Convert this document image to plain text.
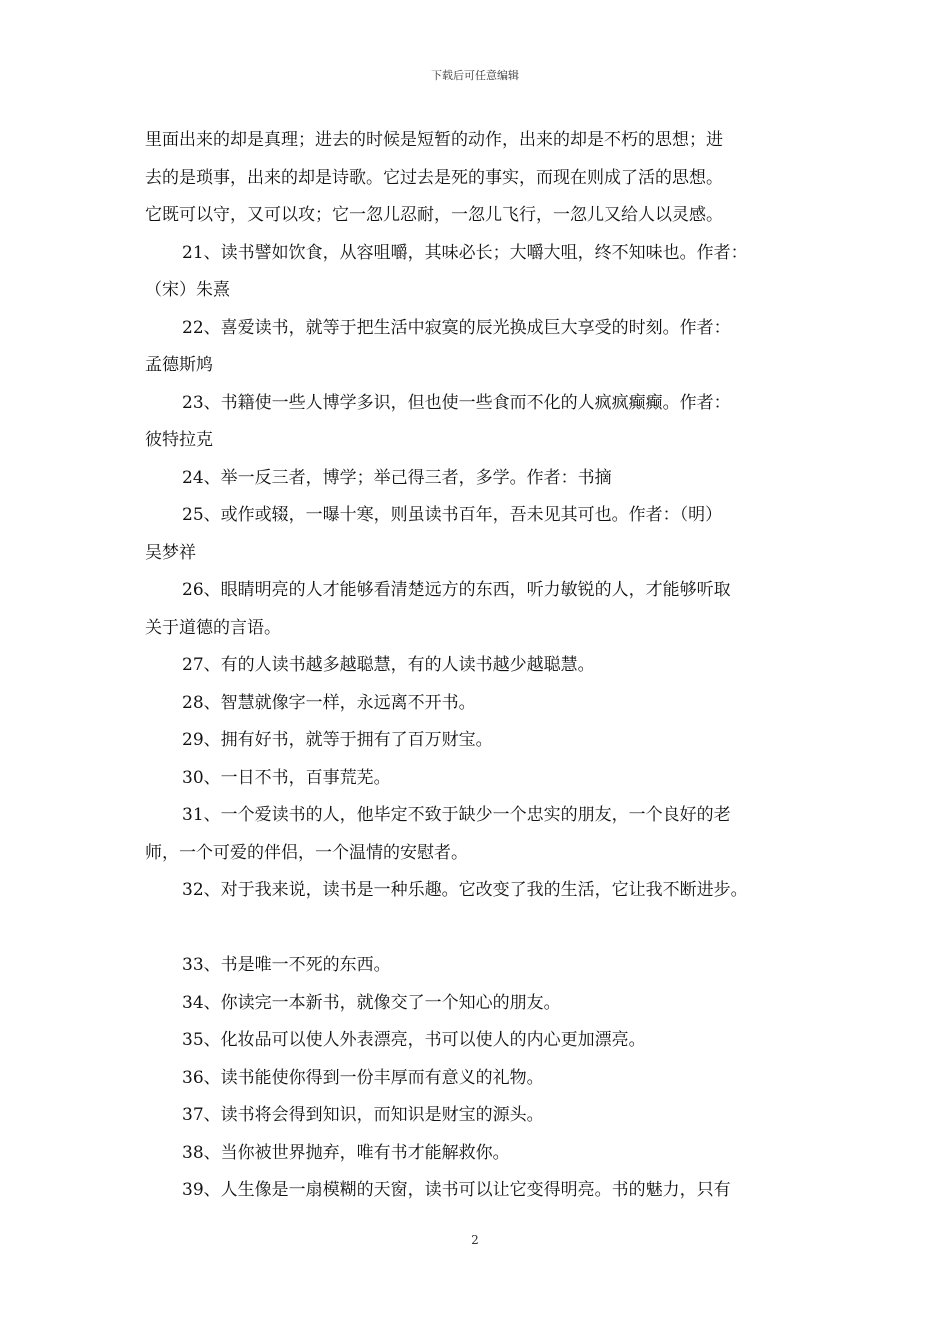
下载后可任意编辑
里面出来的却是真理；进去的时候是短暂的动作，出来的却是不朽的思想；进
去的是琐事，出来的却是诗歌。它过去是死的事实，而现在则成了活的思想。
它既可以守，又可以攻；它一忽儿忍耐，一忽儿飞行，一忽儿又给人以灵感。
21、读书譬如饮食，从容咀嚼，其味必长；大嚼大咀，终不知味也。作者：
（宋）朱熹
22、喜爱读书，就等于把生活中寂寞的辰光换成巨大享受的时刻。作者：
孟德斯鸠
23、书籍使一些人博学多识，但也使一些食而不化的人疯疯癫癫。作者：
彼特拉克
24、举一反三者，博学；举己得三者，多学。作者：书摘
25、或作或辍，一曝十寒，则虽读书百年，吾未见其可也。作者：（明）
吴梦祥
26、眼睛明亮的人才能够看清楚远方的东西，听力敏锐的人，才能够听取
关于道德的言语。
27、有的人读书越多越聪慧，有的人读书越少越聪慧。
28、智慧就像字一样，永远离不开书。
29、拥有好书，就等于拥有了百万财宝。
30、一日不书，百事荒芜。
31、一个爱读书的人，他毕定不致于缺少一个忠实的朋友，一个良好的老
师，一个可爱的伴侣，一个温情的安慰者。
32、对于我来说，读书是一种乐趣。它改变了我的生活，它让我不断进步。
33、书是唯一不死的东西。
34、你读完一本新书，就像交了一个知心的朋友。
35、化妆品可以使人外表漂亮，书可以使人的内心更加漂亮。
36、读书能使你得到一份丰厚而有意义的礼物。
37、读书将会得到知识，而知识是财宝的源头。
38、当你被世界抛弃，唯有书才能解救你。
39、人生像是一扇模糊的天窗，读书可以让它变得明亮。书的魅力，只有
2
